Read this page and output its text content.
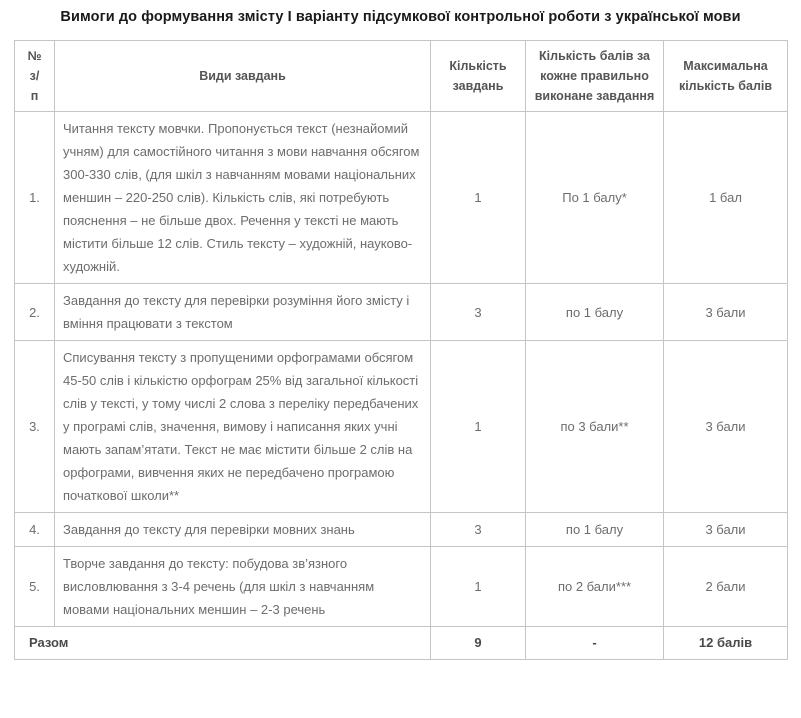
Вимоги до формування змісту І варіанту підсумкової контрольної роботи з української мови
№
з/
п	Види завдань	Кількість завдань	Кількість балів за кожне правильно виконане завдання	Максимальна кількість балів
1.	Читання тексту мовчки. Пропонується текст (незнайомий учням) для самостійного читання з мови навчання обсягом 300-330 слів, (для шкіл з навчанням мовами національних меншин – 220-250 слів). Кількість слів, які потребують пояснення – не більше двох. Речення у тексті не мають містити більше 12 слів. Стиль тексту – художній, науково-художній.	1	По 1 балу*	1 бал
2.	Завдання до тексту для перевірки розуміння його змісту і вміння працювати з текстом	3	по 1 балу	3 бали
3.	Списування тексту з пропущеними орфограмами обсягом 45-50 слів і кількістю орфограм 25% від загальної кількості слів у тексті, у тому числі 2 слова з переліку передбачених у програмі слів, значення, вимову і написання яких учні мають запам’ятати. Текст не має містити більше 2 слів на орфограми, вивчення яких не передбачено програмою початкової школи**	1	по 3 бали**	3 бали
4.	Завдання до тексту для перевірки мовних знань	3	по 1 балу	3 бали
5.	Творче завдання до тексту: побудова зв’язного висловлювання з 3-4 речень (для шкіл з навчанням мовами національних меншин – 2-3 речень	1	по 2 бали***	2 бали
Разом		9	-	12 балів
